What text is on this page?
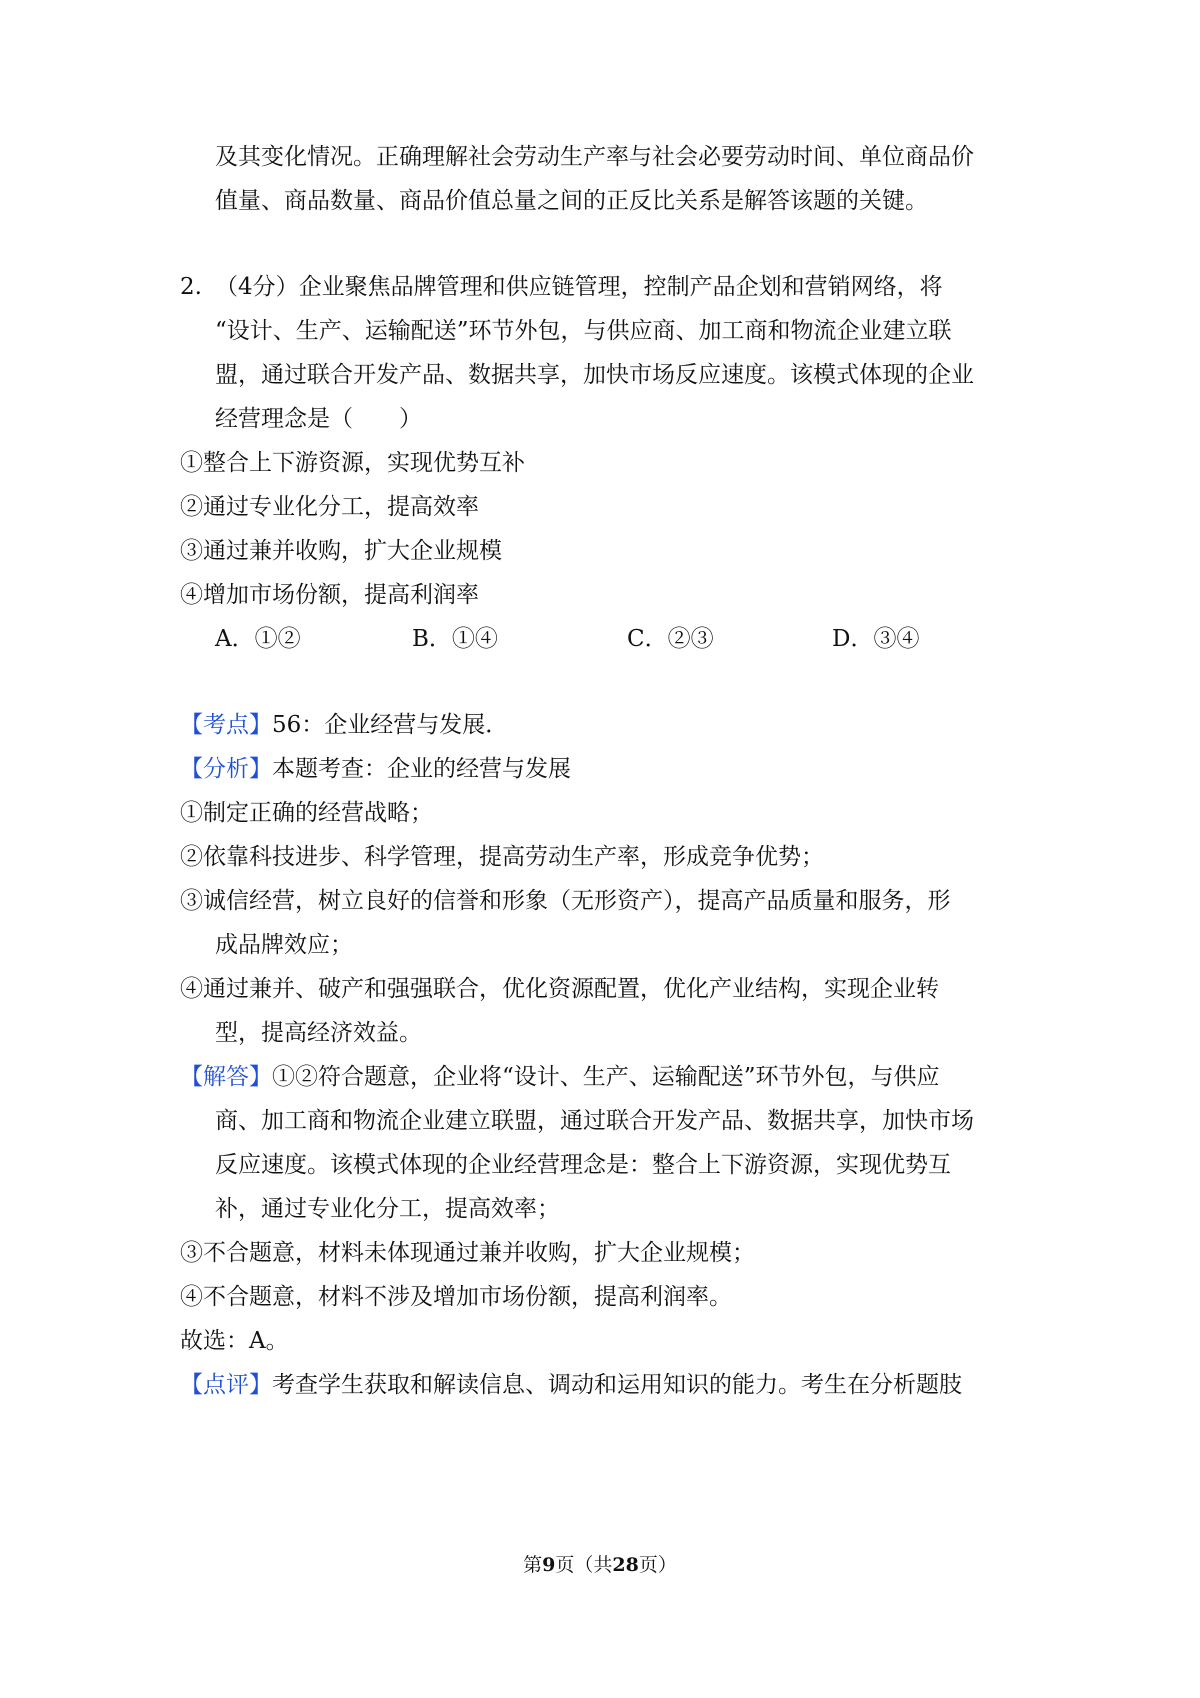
及其变化情况。正确理解社会劳动生产率与社会必要劳动时间、单位商品价
值量、商品数量、商品价值总量之间的正反比关系是解答该题的关键。
2. （4分）企业聚焦品牌管理和供应链管理，控制产品企划和营销网络，将
“设计、生产、运输配送”环节外包，与供应商、加工商和物流企业建立联
盟，通过联合开发产品、数据共享，加快市场反应速度。该模式体现的企业
经营理念是（　　）
①整合上下游资源，实现优势互补
②通过专业化分工，提高效率
③通过兼并收购，扩大企业规模
④增加市场份额，提高利润率
A．①②	B．①④	C．②③	D．③④
【考点】56：企业经营与发展．
【分析】本题考查：企业的经营与发展
①制定正确的经营战略；
②依靠科技进步、科学管理，提高劳动生产率，形成竞争优势；
③诚信经营，树立良好的信誉和形象（无形资产），提高产品质量和服务，形
成品牌效应；
④通过兼并、破产和强强联合，优化资源配置，优化产业结构，实现企业转
型，提高经济效益。
【解答】①②符合题意，企业将“设计、生产、运输配送”环节外包，与供应
商、加工商和物流企业建立联盟，通过联合开发产品、数据共享，加快市场
反应速度。该模式体现的企业经营理念是：整合上下游资源，实现优势互
补，通过专业化分工，提高效率；
③不合题意，材料未体现通过兼并收购，扩大企业规模；
④不合题意，材料不涉及增加市场份额，提高利润率。
故选：A。
【点评】考查学生获取和解读信息、调动和运用知识的能力。考生在分析题肢
第9页（共28页）
